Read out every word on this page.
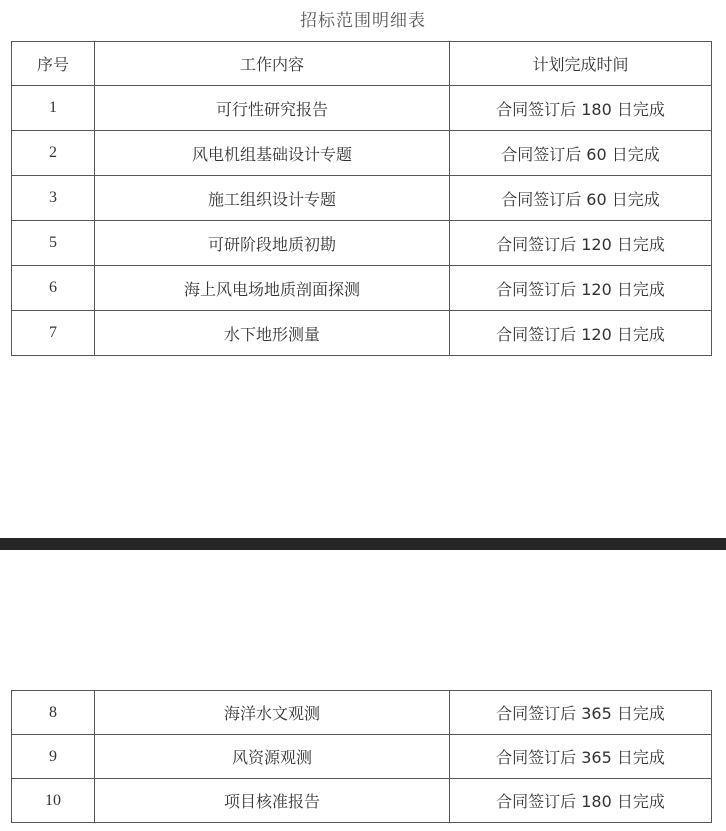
招标范围明细表
序号	工作内容	计划完成时间
1	可行性研究报告	合同签订后 180 日完成
2	风电机组基础设计专题	合同签订后 60 日完成
3	施工组织设计专题	合同签订后 60 日完成
5	可研阶段地质初勘	合同签订后 120 日完成
6	海上风电场地质剖面探测	合同签订后 120 日完成
7	水下地形测量	合同签订后 120 日完成
8	海洋水文观测	合同签订后 365 日完成
9	风资源观测	合同签订后 365 日完成
10	项目核准报告	合同签订后 180 日完成
